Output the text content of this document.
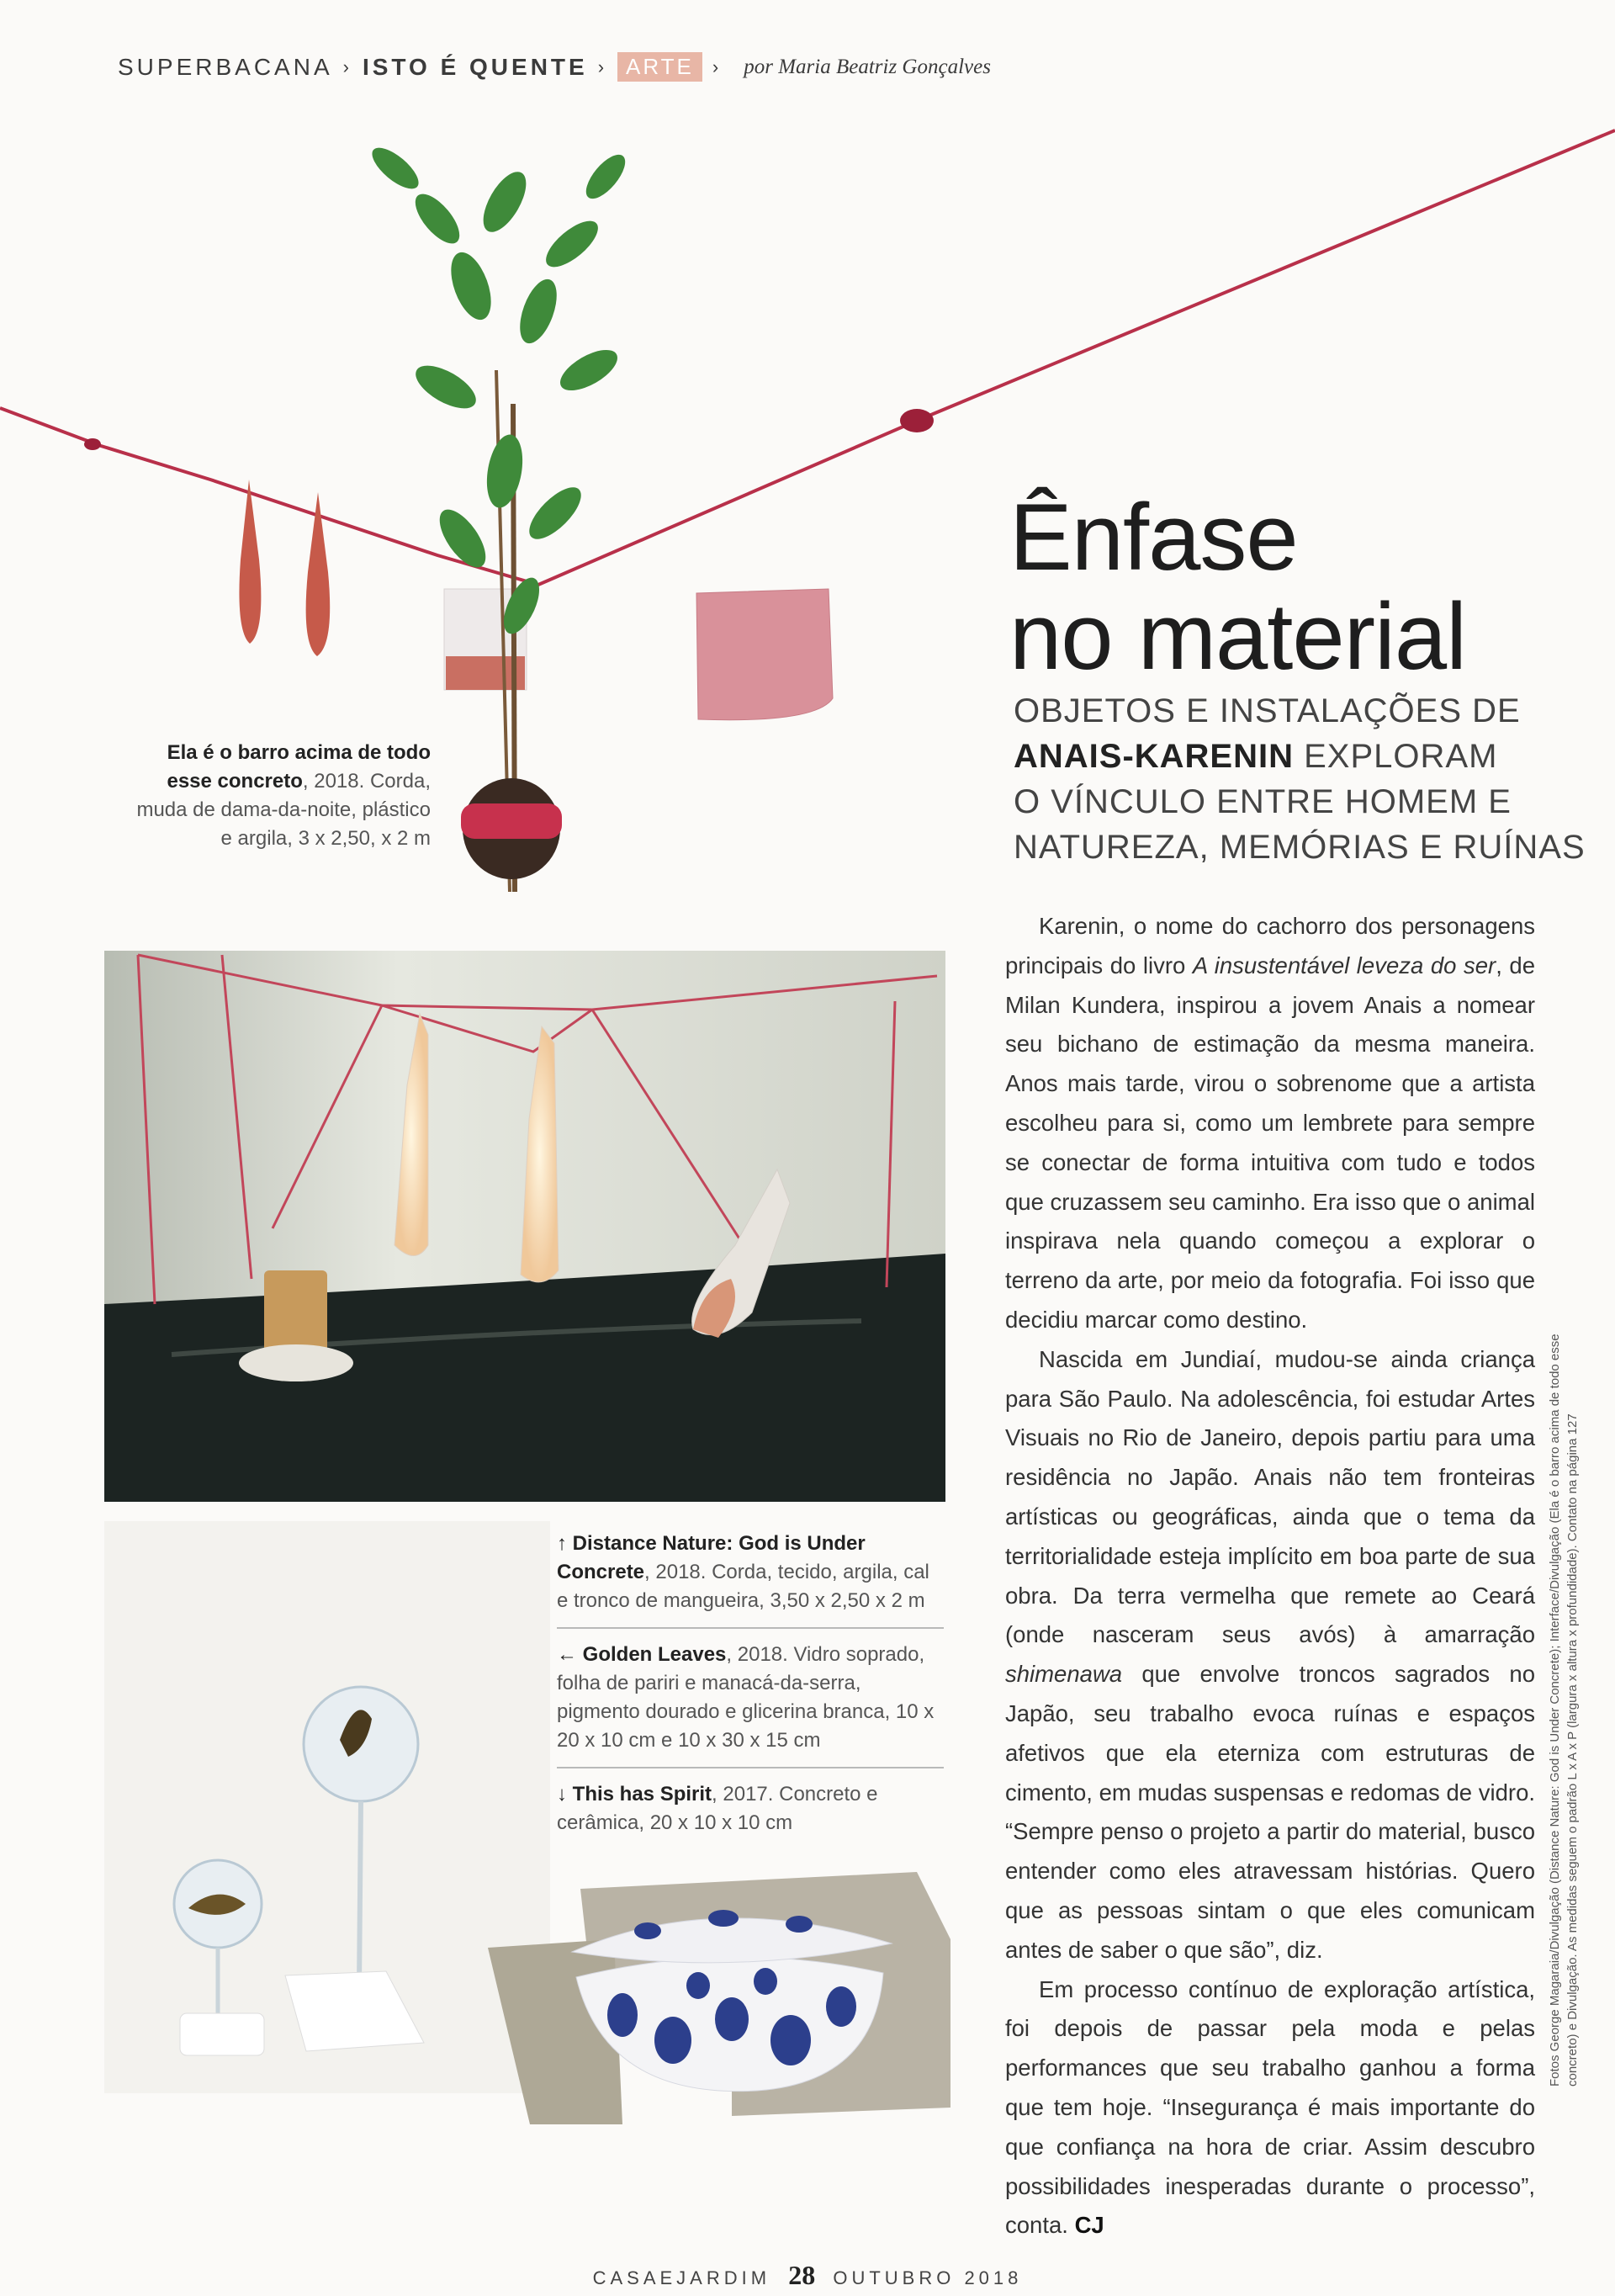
SUPERBACANA › ISTO É QUENTE › ARTE	› por Maria Beatriz Gonçalves
Ela é o barro acima de todo esse concreto, 2018. Corda, muda de dama-da-noite, plástico e argila, 3 x 2,50, x 2 m
Ênfase
no material
OBJETOS E INSTALAÇÕES DE
ANAIS-KARENIN EXPLORAM
O VÍNCULO ENTRE HOMEM E
NATUREZA, MEMÓRIAS E RUÍNAS
↑ Distance Nature: God is Under Concrete, 2018. Corda, tecido, argila, cal e tronco de mangueira, 3,50 x 2,50 x 2 m
← Golden Leaves, 2018. Vidro soprado, folha de pariri e manacá-da-serra, pigmento dourado e glicerina branca, 10 x 20 x 10 cm e 10 x 30 x 15 cm
↓ This has Spirit, 2017. Concreto e cerâmica, 20 x 10 x 10 cm

Karenin, o nome do cachorro dos personagens principais do livro A insustentável leveza do ser, de Milan Kundera, inspirou a jovem Anais a nomear seu bichano de estimação da mesma maneira. Anos mais tarde, virou o sobrenome que a artista escolheu para si, como um lembrete para sempre se conectar de forma intuitiva com tudo e todos que cruzassem seu caminho. Era isso que o animal inspirava nela quando começou a explorar o terreno da arte, por meio da fotografia. Foi isso que decidiu marcar como destino.

Nascida em Jundiaí, mudou-se ainda criança para São Paulo. Na adolescência, foi estudar Artes Visuais no Rio de Janeiro, depois partiu para uma residência no Japão. Anais não tem fronteiras artísticas ou geográficas, ainda que o tema da territorialidade esteja implícito em boa parte de sua obra. Da terra vermelha que remete ao Ceará (onde nasceram seus avós) à amarração shimenawa que envolve troncos sagrados no Japão, seu trabalho evoca ruínas e espaços afetivos que ela eterniza com estruturas de cimento, em mudas suspensas e redomas de vidro. “Sempre penso o projeto a partir do material, busco entender como eles atravessam histórias. Quero que as pessoas sintam o que eles comunicam antes de saber o que são”, diz.

Em processo contínuo de exploração artística, foi depois de passar pela moda e pelas performances que seu trabalho ganhou a forma que tem hoje. “Insegurança é mais importante do que confiança na hora de criar. Assim descubro possibilidades inesperadas durante o processo”, conta. CJ

Fotos George Magaraia/Divulgação (Distance Nature: God is Under Concrete); Interface/Divulgação (Ela é o barro acima de todo esse concreto) e Divulgação. As medidas seguem o padrão L x A x P (largura x altura x profundidade). Contato na página 127
CASAEJARDIM 28 OUTUBRO 2018
